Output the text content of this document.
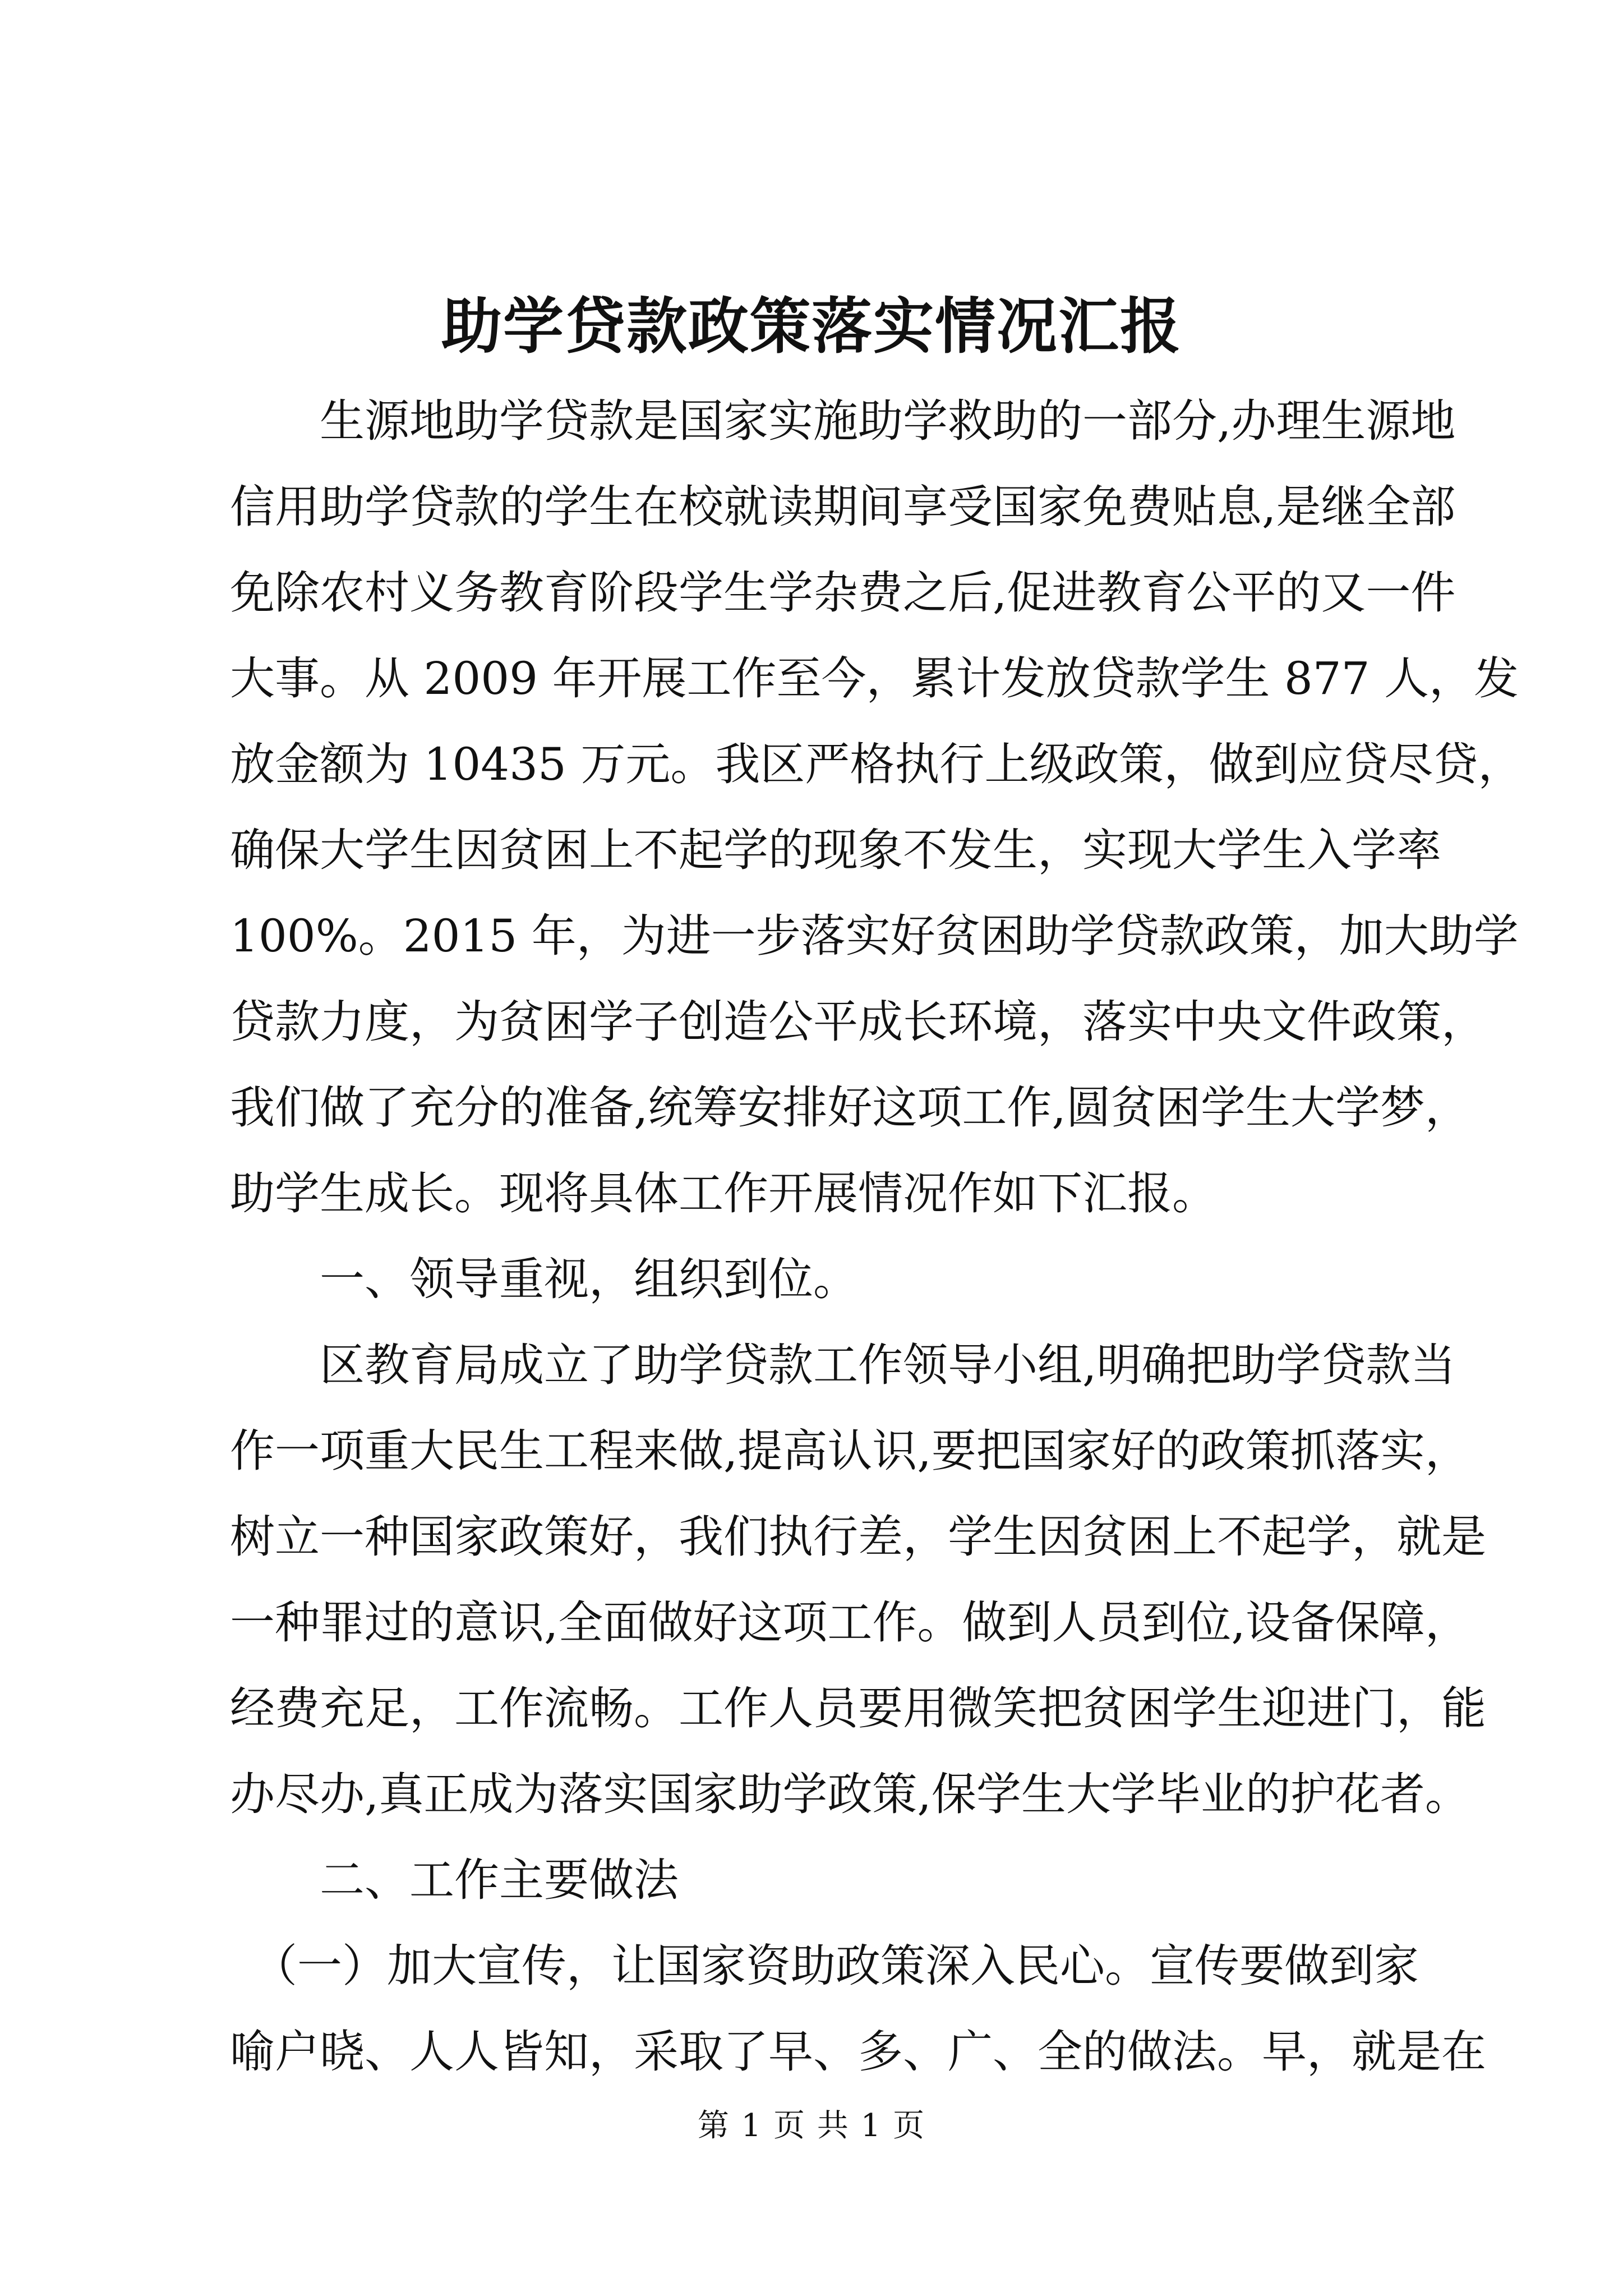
助学贷款政策落实情况汇报
　　生源地助学贷款是国家实施助学救助的一部分,办理生源地
信用助学贷款的学生在校就读期间享受国家免费贴息,是继全部
免除农村义务教育阶段学生学杂费之后,促进教育公平的又一件
大事。从 2009 年开展工作至今，累计发放贷款学生 877 人，发
放金额为 10435 万元。我区严格执行上级政策，做到应贷尽贷，
确保大学生因贫困上不起学的现象不发生，实现大学生入学率
100%。2015 年，为进一步落实好贫困助学贷款政策，加大助学
贷款力度，为贫困学子创造公平成长环境，落实中央文件政策，
我们做了充分的准备,统筹安排好这项工作,圆贫困学生大学梦，
助学生成长。现将具体工作开展情况作如下汇报。
　　一、领导重视，组织到位。
　　区教育局成立了助学贷款工作领导小组,明确把助学贷款当
作一项重大民生工程来做,提高认识,要把国家好的政策抓落实，
树立一种国家政策好，我们执行差，学生因贫困上不起学，就是
一种罪过的意识,全面做好这项工作。做到人员到位,设备保障，
经费充足，工作流畅。工作人员要用微笑把贫困学生迎进门，能
办尽办,真正成为落实国家助学政策,保学生大学毕业的护花者。
　　二、工作主要做法
　（一）加大宣传，让国家资助政策深入民心。宣传要做到家
喻户晓、人人皆知，采取了早、多、广、全的做法。早，就是在
第 1 页 共 1 页
